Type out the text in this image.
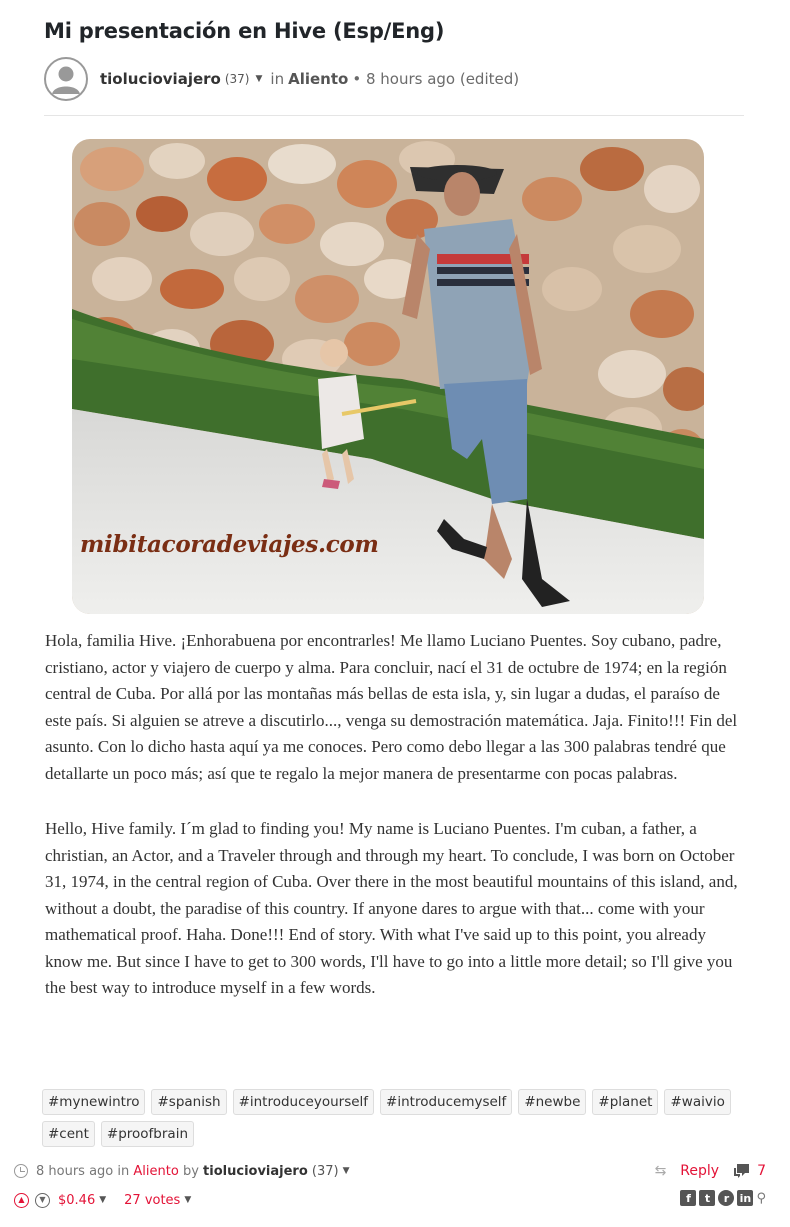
Mi presentación en Hive (Esp/Eng)
tiolucioviajero (37) ▼ in Aliento • 8 hours ago (edited)
mibitacoradeviajes.com
Hola, familia Hive. ¡Enhorabuena por encontrarles! Me llamo Luciano Puentes. Soy cubano, padre, cristiano, actor y viajero de cuerpo y alma. Para concluir, nací el 31 de octubre de 1974; en la región central de Cuba. Por allá por las montañas más bellas de esta isla, y, sin lugar a dudas, el paraíso de este país. Si alguien se atreve a discutirlo..., venga su demostración matemática. Jaja. Finito!!! Fin del asunto. Con lo dicho hasta aquí ya me conoces. Pero como debo llegar a las 300 palabras tendré que detallarte un poco más; así que te regalo la mejor manera de presentarme con pocas palabras.
Hello, Hive family. I´m glad to finding you! My name is Luciano Puentes. I'm cuban, a father, a christian, an Actor, and a Traveler through and through my heart. To conclude, I was born on October 31, 1974, in the central region of Cuba. Over there in the most beautiful mountains of this island, and, without a doubt, the paradise of this country. If anyone dares to argue with that... come with your mathematical proof. Haha. Done!!! End of story. With what I've said up to this point, you already know me. But since I have to get to 300 words, I'll have to go into a little more detail; so I'll give you the best way to introduce myself in a few words.
#mynewintro	#spanish	#introduceyourself	#introducemyself	#newbe	#planet	#waivio
#cent	#proofbrain
8 hours ago
in
Aliento
by
tiolucioviajero
(37) ▼	⇆ Reply	7
▲	▼ $0.46 ▼ 27 votes ▼	f	t	r in ⚲
